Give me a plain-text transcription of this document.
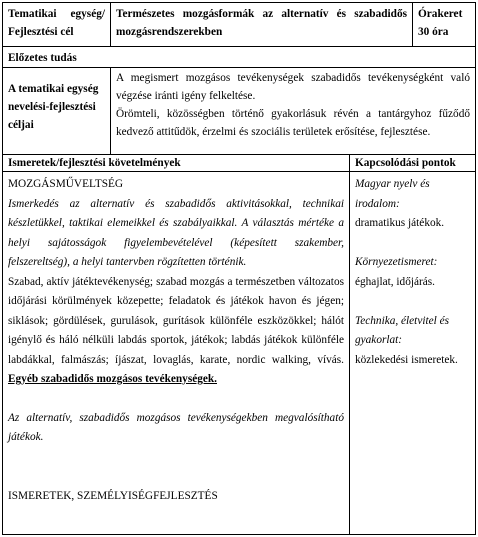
Tematikai egység/ Fejlesztési cél
Természetes mozgásformák az alternatív és szabadidős mozgásrendszerekben
Órakeret 30 óra
Előzetes tudás
A tematikai egység nevelési-fejlesztési céljai

A megismert mozgásos tevékenységek szabadidős tevékenységként való végzése iránti igény felkeltése.

Örömteli, közösségben történő gyakorlásuk révén a tantárgyhoz fűződő kedvező attitűdök, érzelmi és szociális területek erősítése, fejlesztése.

Ismeretek/fejlesztési követelmények	Kapcsolódási pontok

MOZGÁSMŰVELTSÉG

Ismerkedés az alternatív és szabadidős aktivitásokkal, technikai készletükkel, taktikai elemeikkel és szabályaikkal. A választás mértéke a helyi sajátosságok figyelembevételével (képesített szakember, felszereltség), a helyi tantervben rögzítetten történik.

Szabad, aktív játéktevékenység; szabad mozgás a természetben változatos időjárási körülmények közepette; feladatok és játékok havon és jégen; siklások; gördülések, gurulások, gurítások különféle eszközökkel; hálót igénylő és háló nélküli labdás sportok, játékok; labdás játékok különféle labdákkal, falmászás; íjászat, lovaglás, karate, nordic walking, vívás. Egyéb szabadidős mozgásos tevékenységek.

Az alternatív, szabadidős mozgásos tevékenységekben megvalósítható játékok.

ISMERETEK, SZEMÉLYISÉGFEJLESZTÉS

Magyar nyelv és irodalom:

dramatikus játékok.

Környezetismeret:

éghajlat, időjárás.

Technika, életvitel és gyakorlat:

közlekedési ismeretek.
